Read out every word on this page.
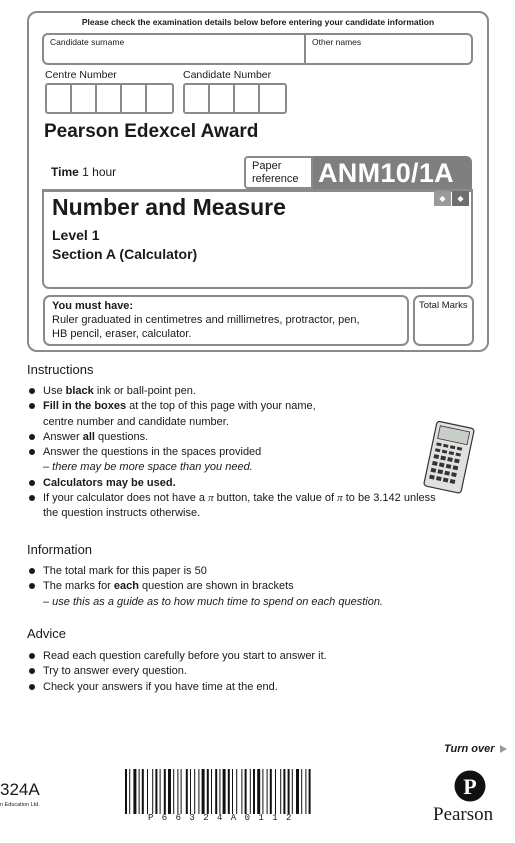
Please check the examination details below before entering your candidate information
Candidate surname	Other names
Centre Number	Candidate Number
Pearson Edexcel Award
Time 1 hour	Paper
reference ANM10/1A
◆	◆
Number and Measure
Level 1
Section A (Calculator)
You must have:
Ruler graduated in centimetres and millimetres, protractor, pen,
HB pencil, eraser, calculator.
Total Marks
Instructions
Use black ink or ball-point pen.
Fill in the boxes at the top of this page with your name,
centre number and candidate number.
Answer all questions.
Answer the questions in the spaces provided
– there may be more space than you need.
Calculators may be used.
If your calculator does not have a π button, take the value of π to be 3.142 unless
the question instructs otherwise.
Information
The total mark for this paper is 50
The marks for each question are shown in brackets
– use this as a guide as to how much time to spend on each question.
Advice
Read each question carefully before you start to answer it.
Try to answer every question.
Check your answers if you have time at the end.
Turn over
324A
n Education Ltd.
P66324A0112
P
Pearson
